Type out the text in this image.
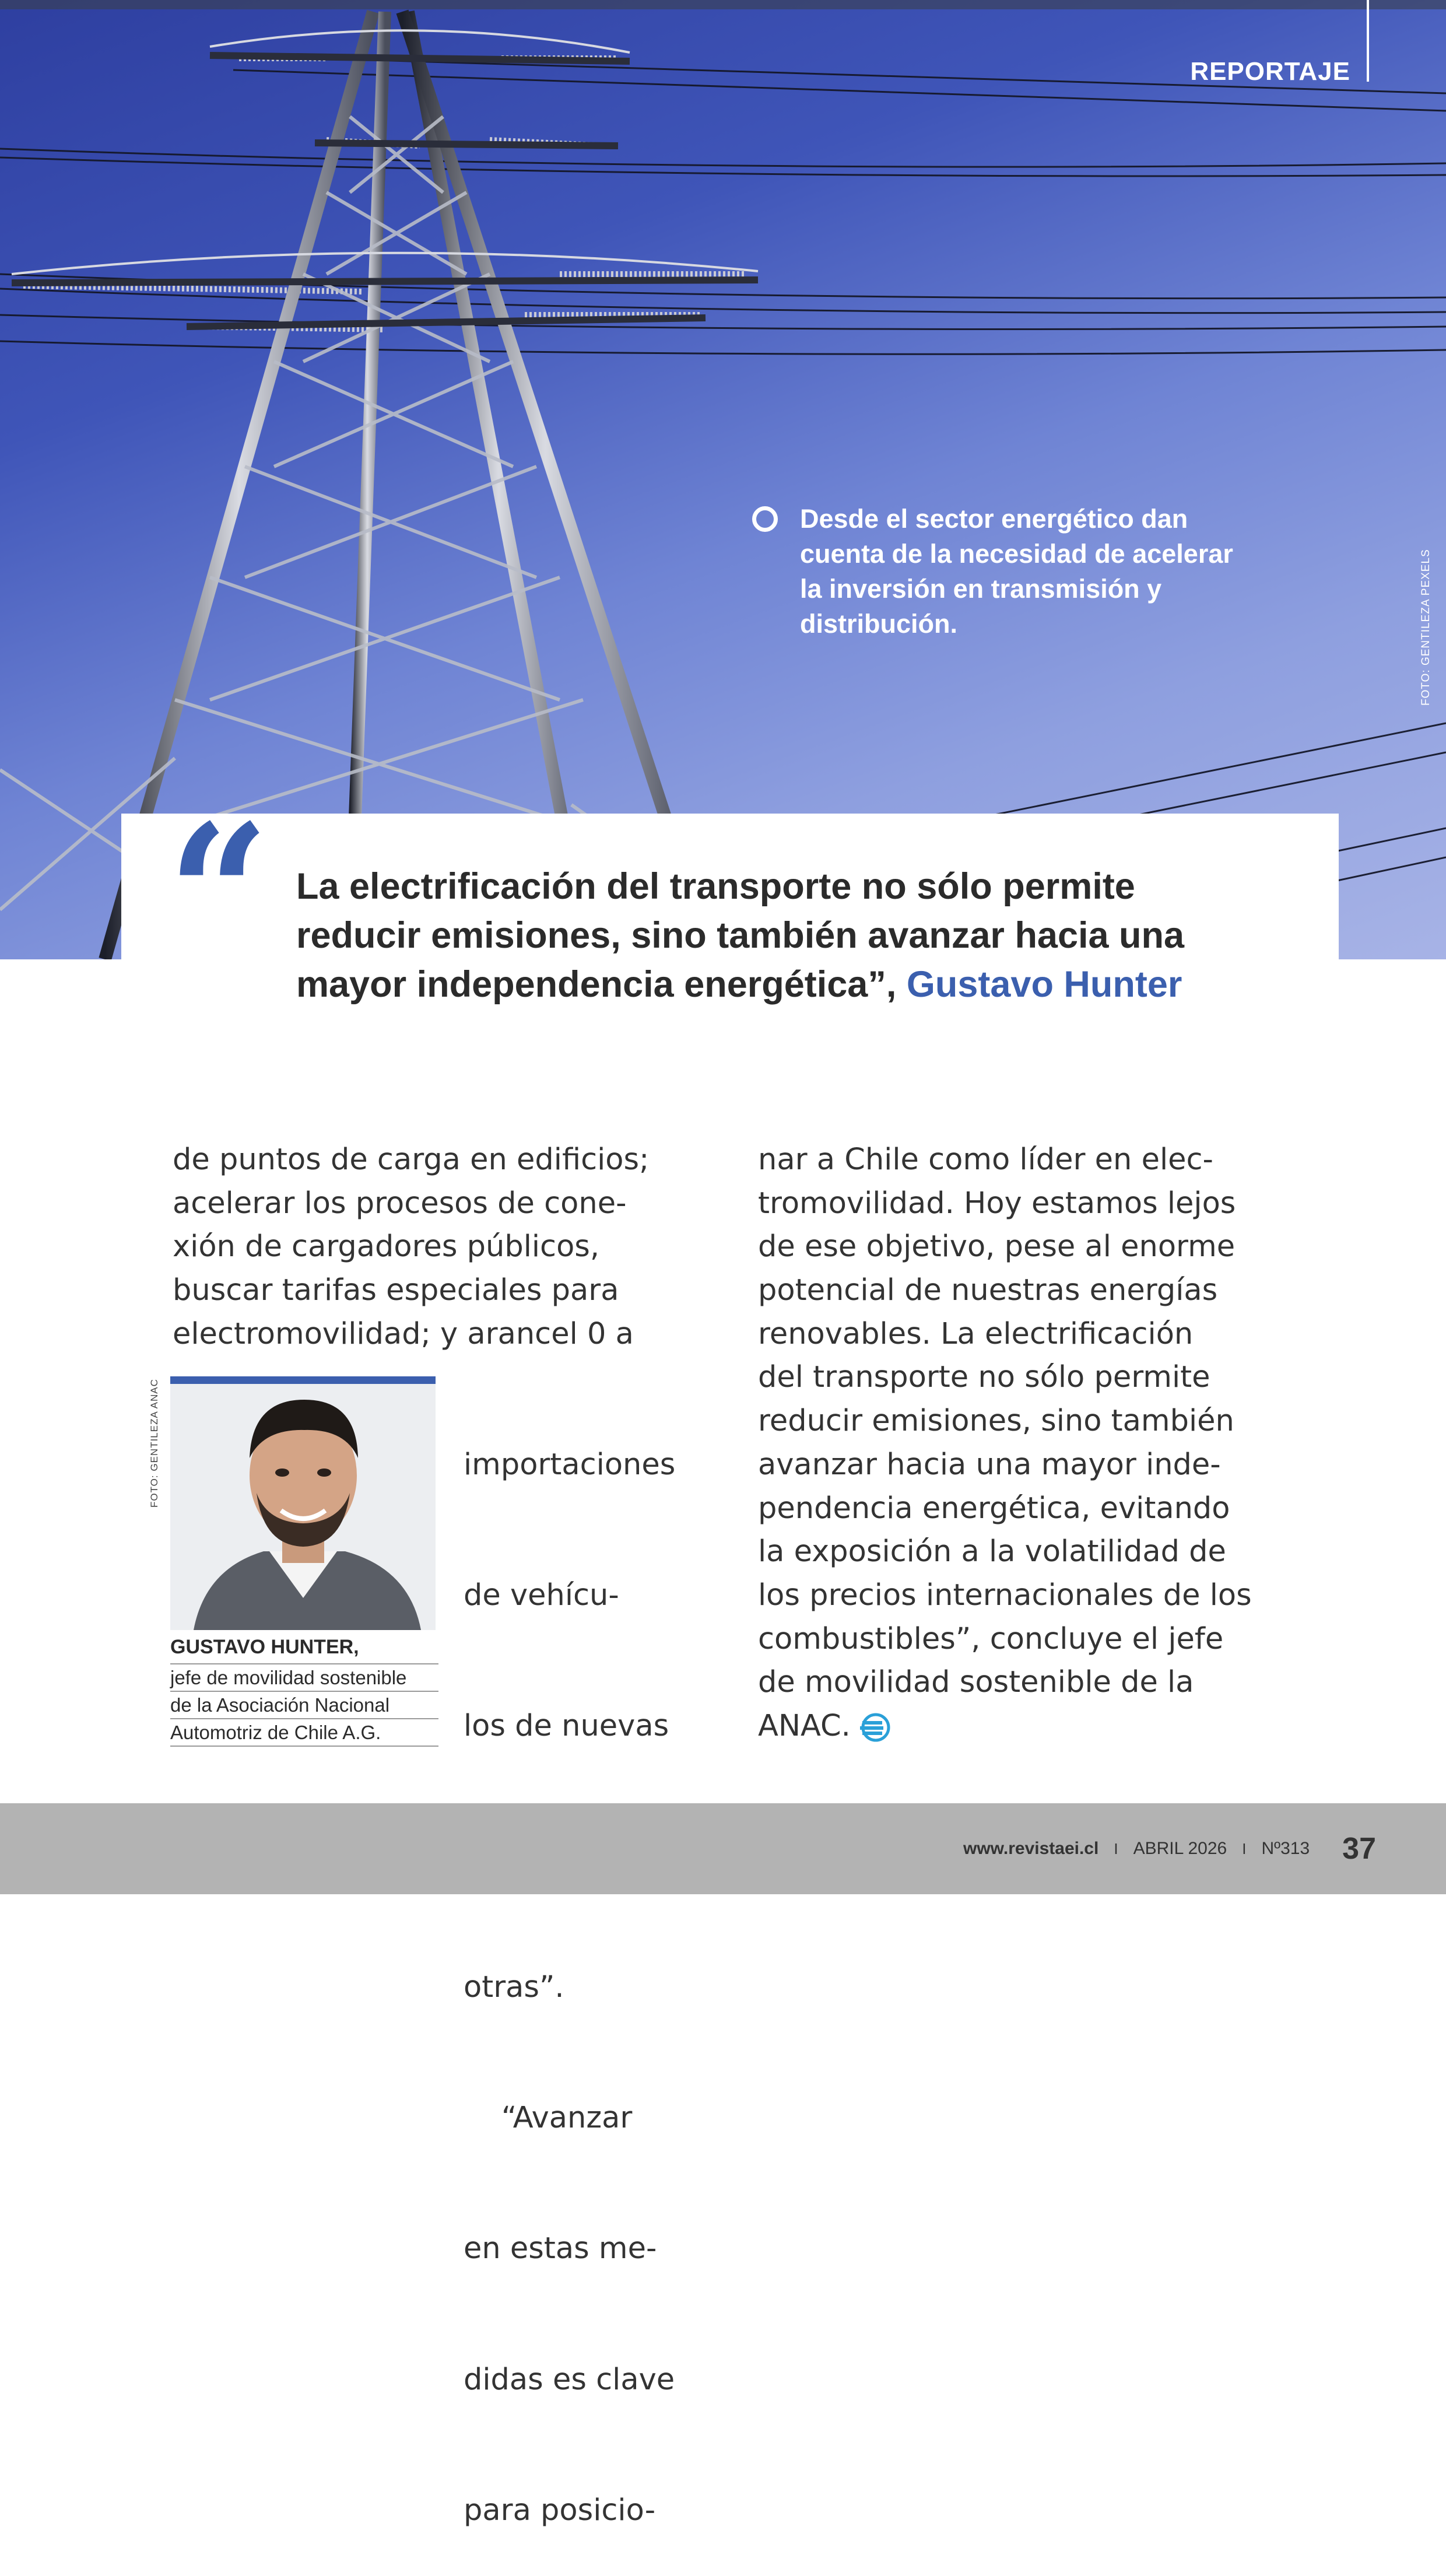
REPORTAJE
Desde el sector energético dan
cuenta de la necesidad de acelerar
la inversión en transmisión y
distribución.	FOTO: GENTILEZA PEXELS
“ La electrificación del transporte no sólo permite
reducir emisiones, sino también avanzar hacia una
mayor independencia energética”, Gustavo Hunter
de puntos de carga en edificios;
acelerar los procesos de cone-
xión de cargadores públicos,
buscar tarifas especiales para
electromovilidad; y arancel 0 a

importaciones

de vehícu-

los de nuevas

otras”.

“Avanzar

en estas me-

didas es clave

para posicio-

nar a Chile como líder en elec-
tromovilidad. Hoy estamos lejos
de ese objetivo, pese al enorme
potencial de nuestras energías
renovables. La electrificación
del transporte no sólo permite
reducir emisiones, sino también
avanzar hacia una mayor inde-
pendencia energética, evitando
la exposición a la volatilidad de
los precios internacionales de los
combustibles”, concluye el jefe
de movilidad sostenible de la
ANAC.
FOTO: GENTILEZA ANAC
GUSTAVO HUNTER,
jefe de movilidad sostenible
de la Asociación Nacional
Automotriz de Chile A.G.
www.revistaei.cl I ABRIL 2026 I Nº313 37
